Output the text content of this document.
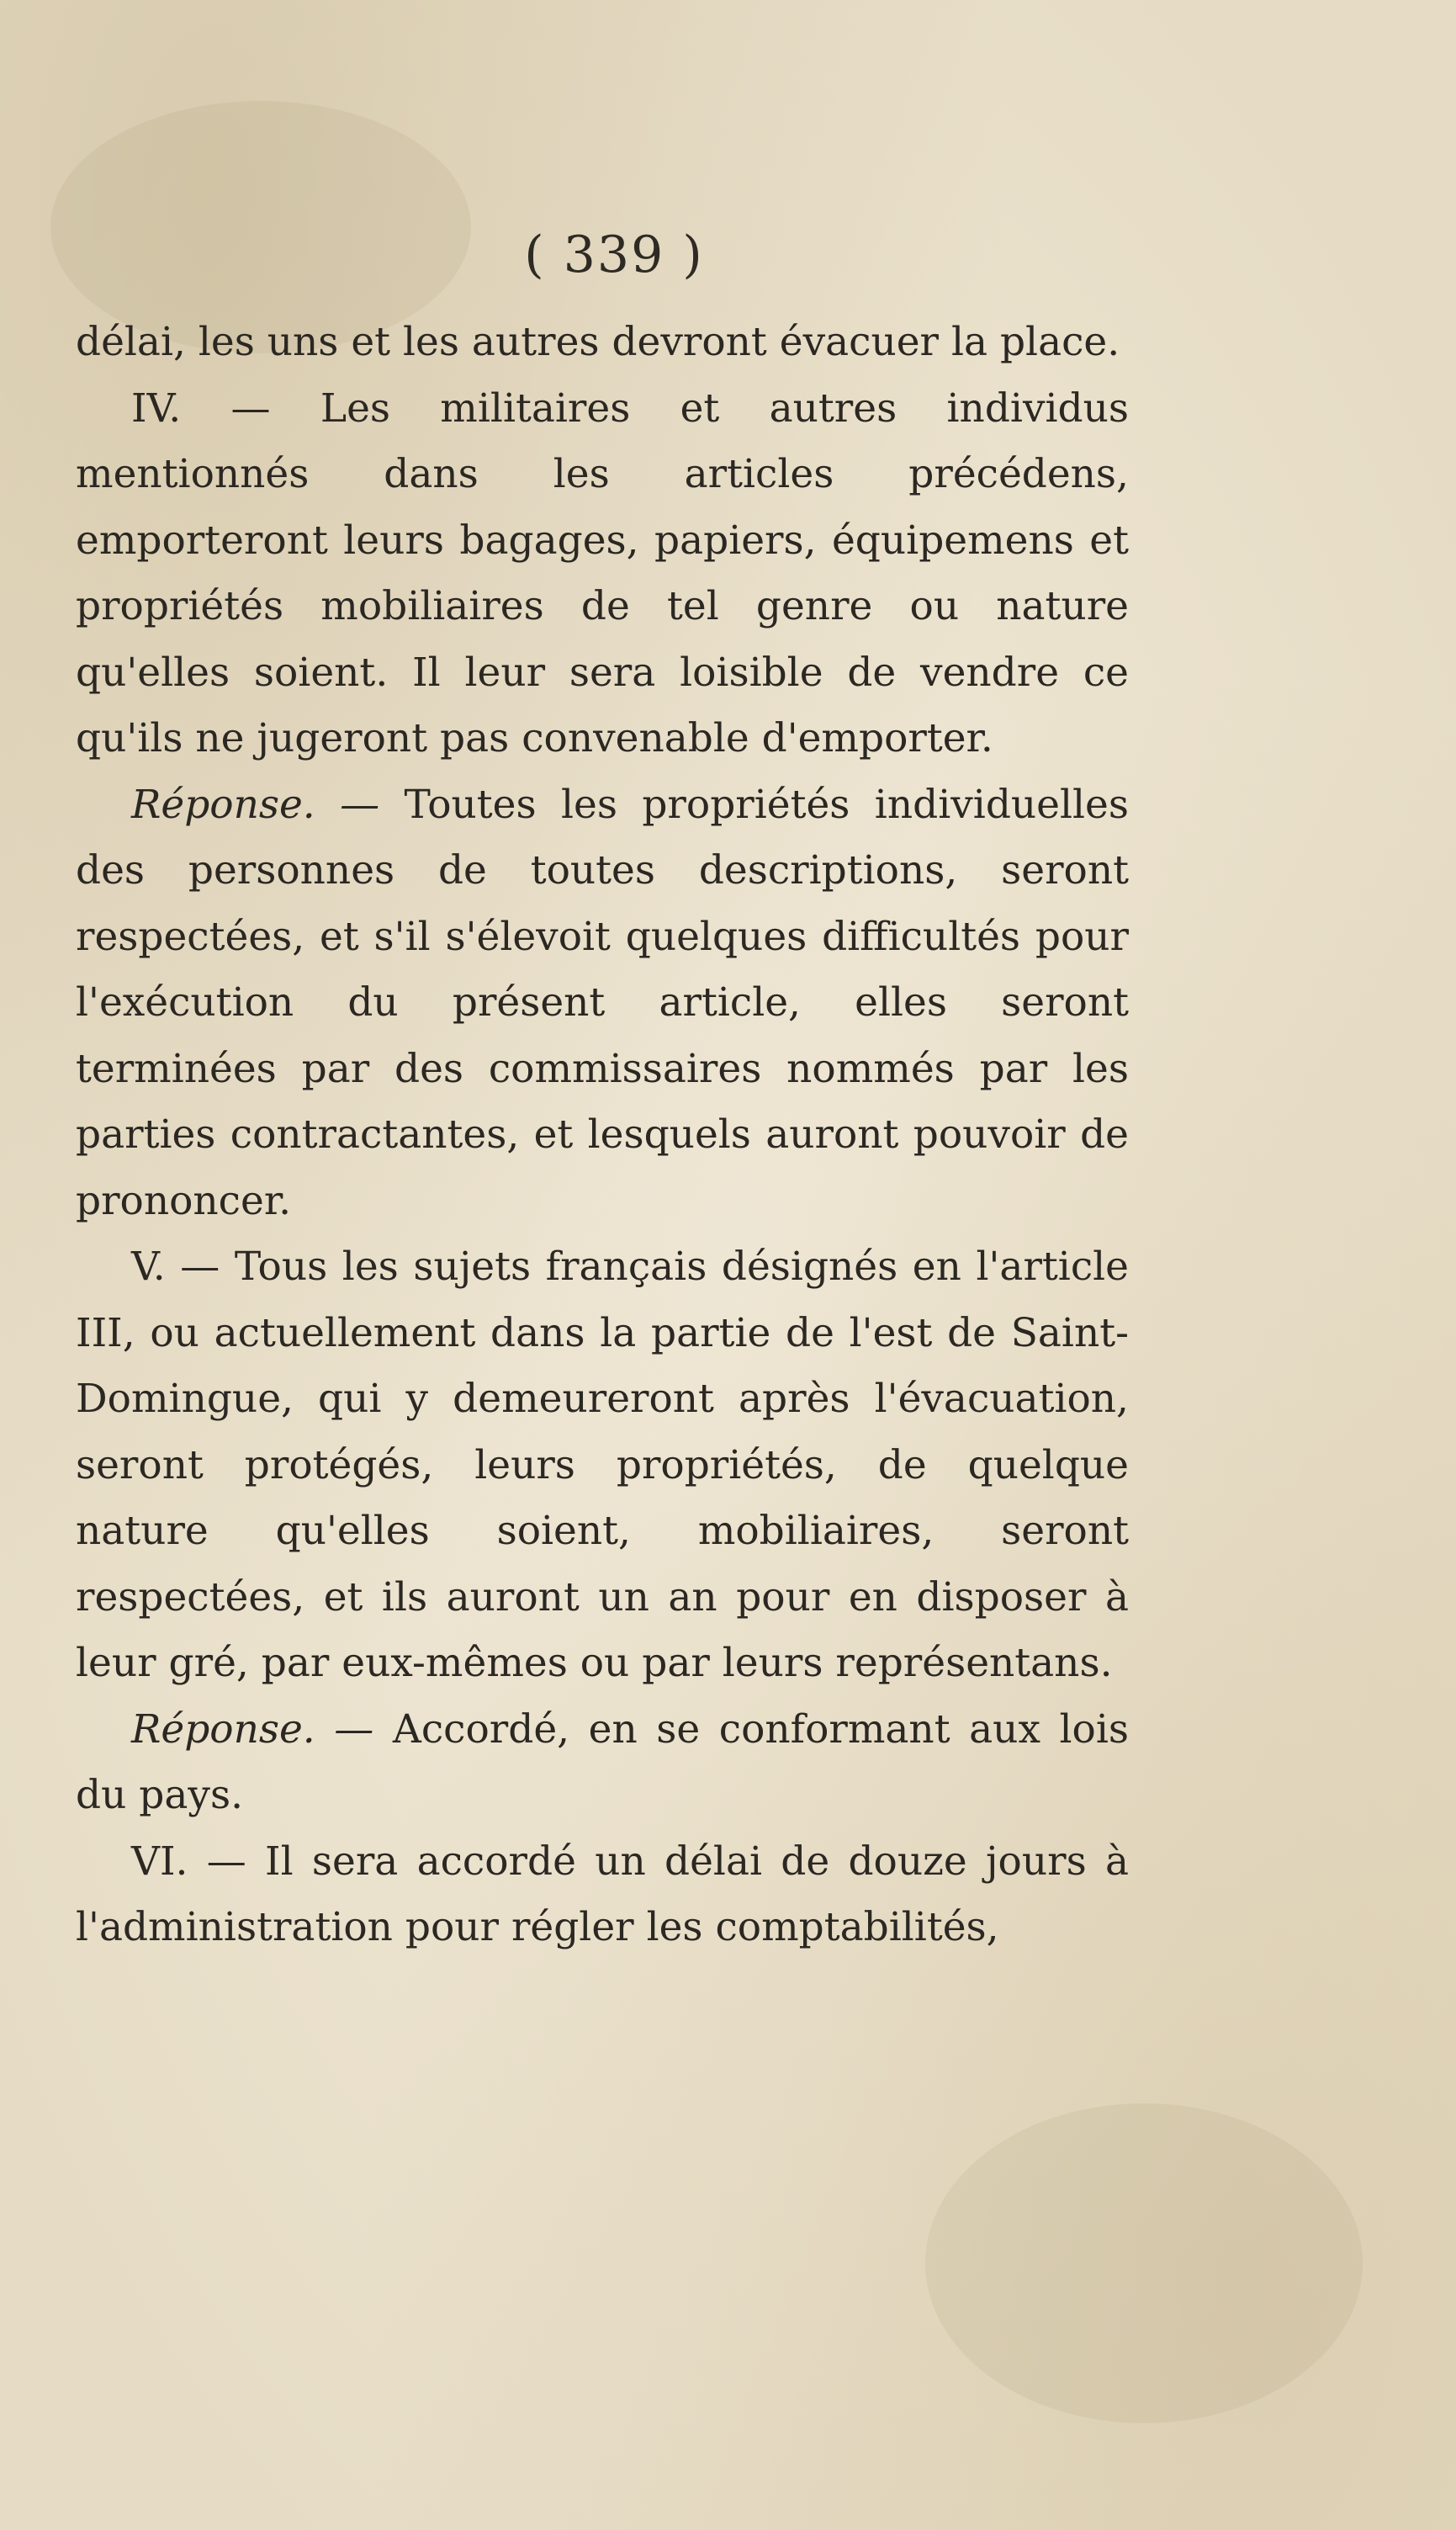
( 339 )

délai, les uns et les autres devront évacuer la place.

IV. — Les militaires et autres individus mentionnés dans les articles précédens, emporteront leurs bagages, papiers, équipemens et propriétés mobiliaires de tel genre ou nature qu'elles soient. Il leur sera loisible de vendre ce qu'ils ne jugeront pas convenable d'emporter.

Réponse. — Toutes les propriétés individuelles des personnes de toutes descriptions, seront respectées, et s'il s'élevoit quelques difficultés pour l'exécution du présent article, elles seront terminées par des commissaires nommés par les parties contractantes, et lesquels auront pouvoir de prononcer.

V. — Tous les sujets français désignés en l'article III, ou actuellement dans la partie de l'est de Saint-Domingue, qui y demeureront après l'évacuation, seront protégés, leurs propriétés, de quelque nature qu'elles soient, mobiliaires, seront respectées, et ils auront un an pour en disposer à leur gré, par eux-mêmes ou par leurs représentans.

Réponse. — Accordé, en se conformant aux lois du pays.

VI. — Il sera accordé un délai de douze jours à l'administration pour régler les comptabilités,
